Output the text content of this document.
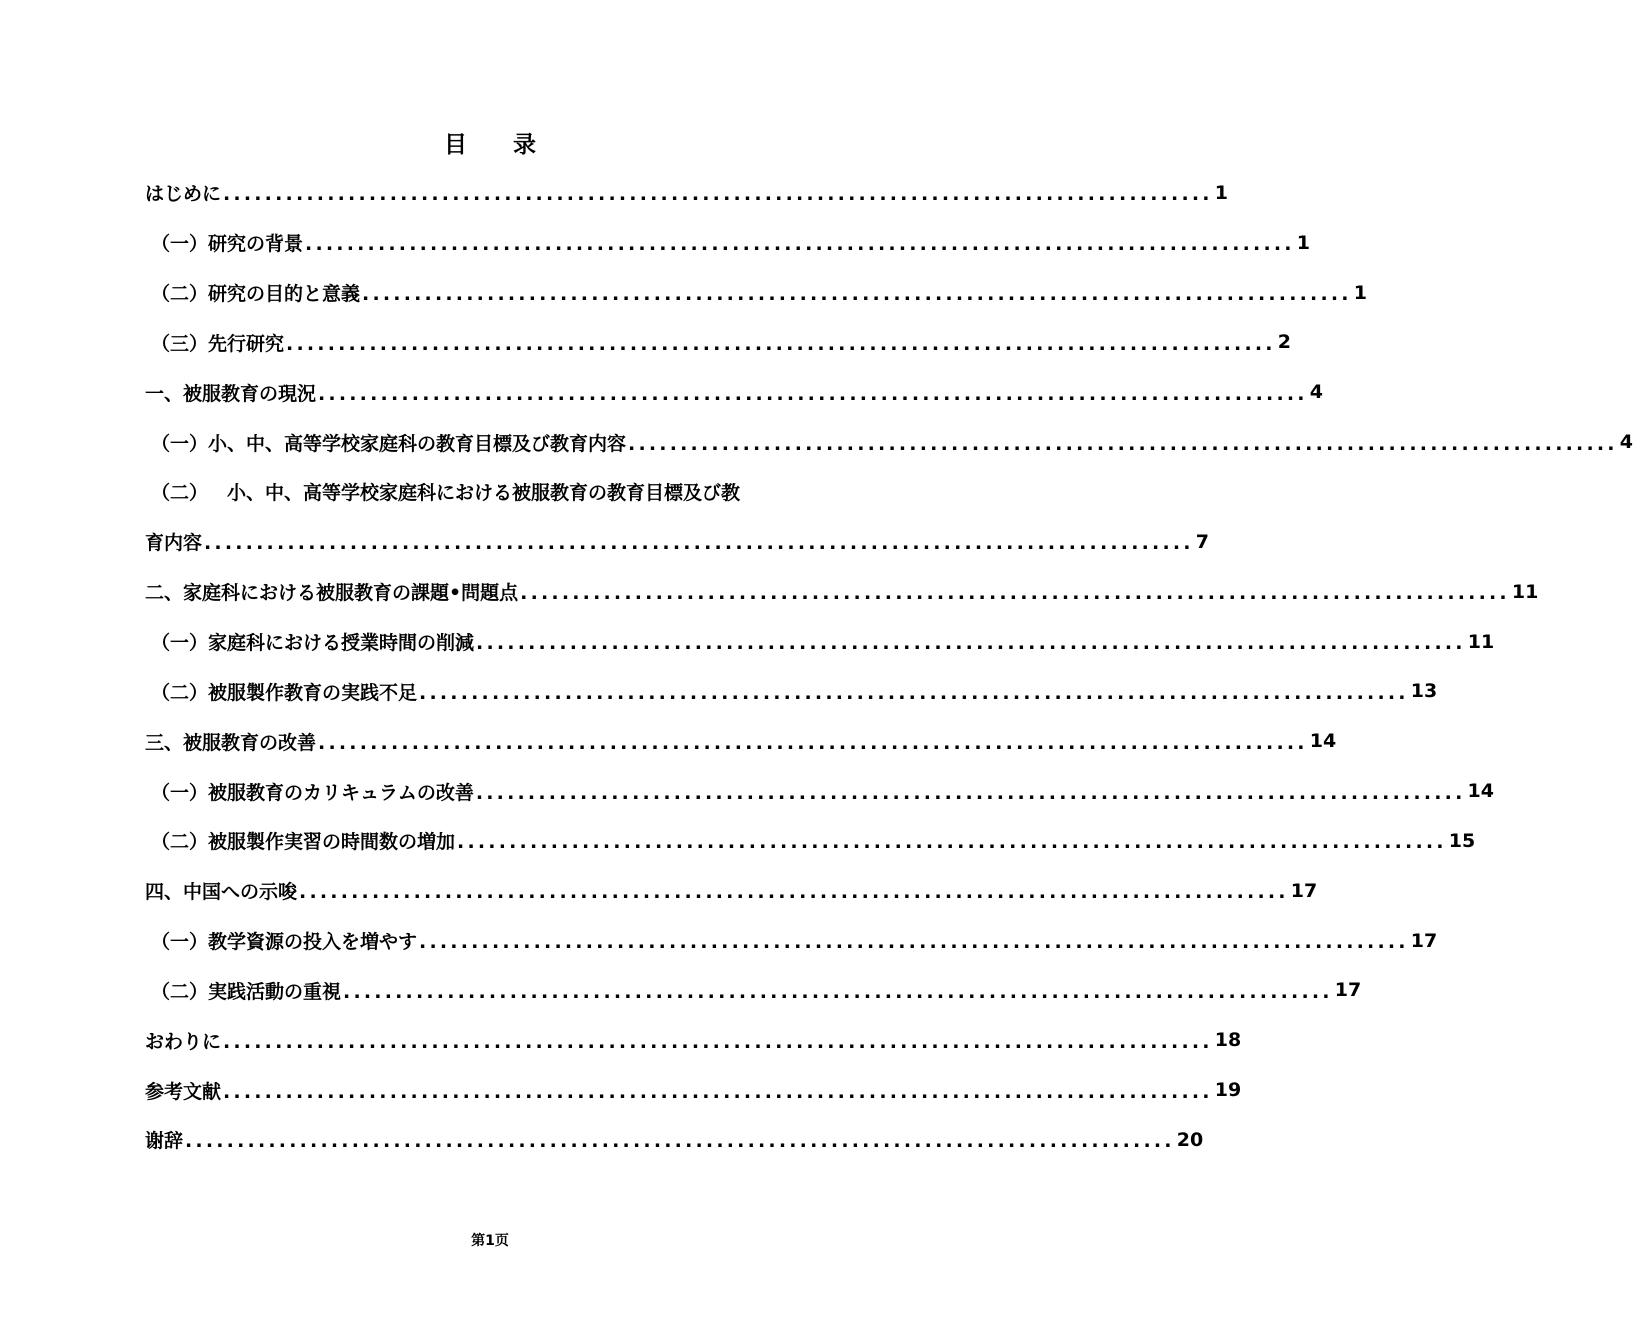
目　　录
はじめに ............................................................................................... 1
（一） 研究の背景 ............................................................................................... 1
（二） 研究の目的と意義 ............................................................................................... 1
（三） 先行研究 ............................................................................................... 2
一、被服教育の現況 ............................................................................................... 4
（一） 小、中、高等学校家庭科の教育目標及び教育内容 ............................................................................................... 4
（二） 小、中、高等学校家庭科における被服教育の教育目標及び教
育内容 ............................................................................................... 7
二、家庭科における被服教育の課題•問題点 ............................................................................................... 11
（一） 家庭科における授業時間の削減 ............................................................................................... 11
（二） 被服製作教育の実践不足 ............................................................................................... 13
三、 被服教育の改善 ............................................................................................... 14
（一） 被服教育のカリキュラムの改善 ............................................................................................... 14
（二） 被服製作実習の時間数の増加 ............................................................................................... 15
四、 中国への示唆 ............................................................................................... 17
（一） 教学資源の投入を増やす ............................................................................................... 17
（二） 実践活動の重視 ............................................................................................... 17
おわりに ............................................................................................... 18
参考文献 ............................................................................................... 19
谢辞 ............................................................................................... 20
第1页
